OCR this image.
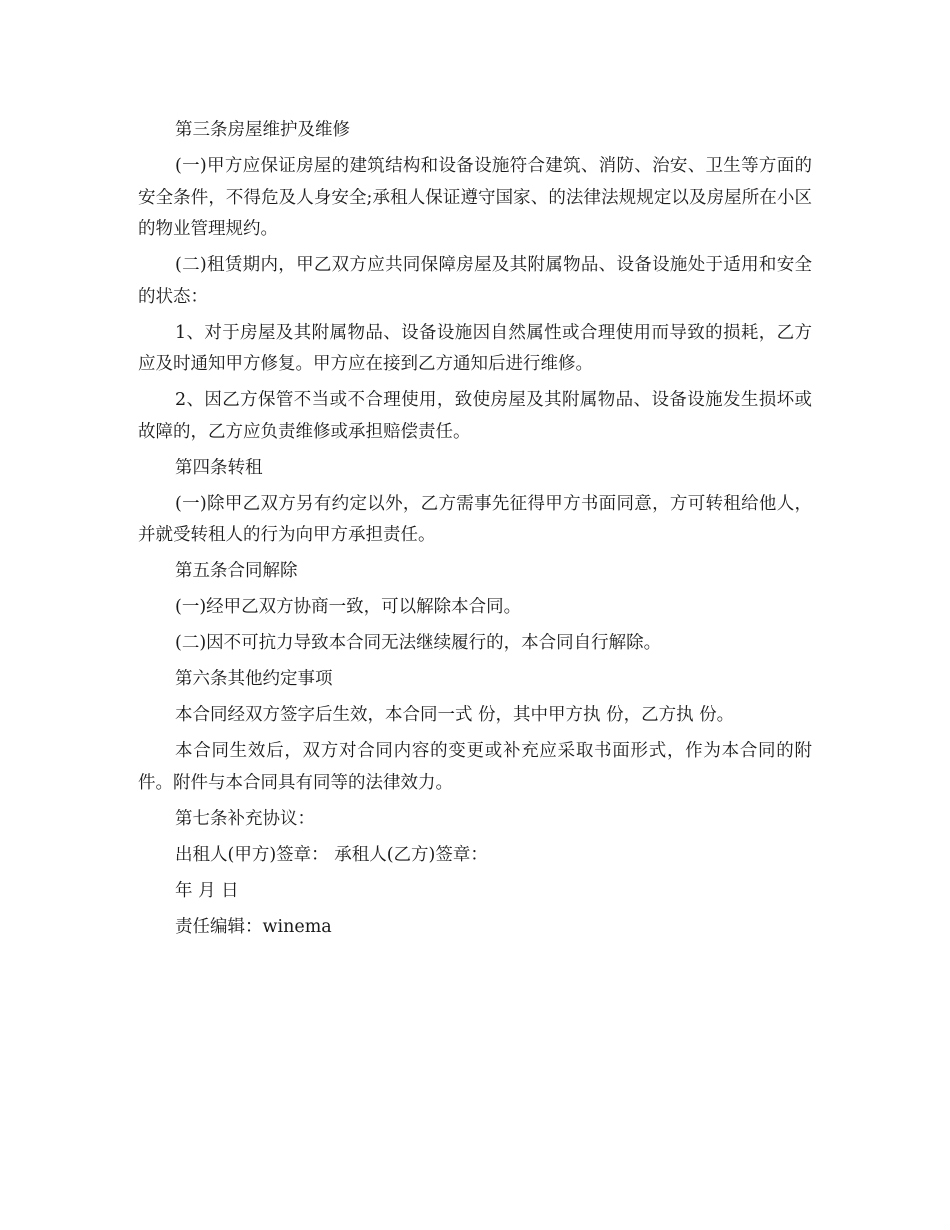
第三条房屋维护及维修

(一)甲方应保证房屋的建筑结构和设备设施符合建筑、消防、治安、卫生等方面的安全条件，不得危及人身安全;承租人保证遵守国家、的法律法规规定以及房屋所在小区的物业管理规约。

(二)租赁期内，甲乙双方应共同保障房屋及其附属物品、设备设施处于适用和安全的状态：

1、对于房屋及其附属物品、设备设施因自然属性或合理使用而导致的损耗，乙方应及时通知甲方修复。甲方应在接到乙方通知后进行维修。

2、因乙方保管不当或不合理使用，致使房屋及其附属物品、设备设施发生损坏或故障的，乙方应负责维修或承担赔偿责任。

第四条转租

(一)除甲乙双方另有约定以外，乙方需事先征得甲方书面同意，方可转租给他人，并就受转租人的行为向甲方承担责任。

第五条合同解除

(一)经甲乙双方协商一致，可以解除本合同。

(二)因不可抗力导致本合同无法继续履行的，本合同自行解除。

第六条其他约定事项

本合同经双方签字后生效，本合同一式 份，其中甲方执 份，乙方执 份。

本合同生效后，双方对合同内容的变更或补充应采取书面形式，作为本合同的附件。附件与本合同具有同等的法律效力。

第七条补充协议：

出租人(甲方)签章： 承租人(乙方)签章：

年 月 日

责任编辑：winema
